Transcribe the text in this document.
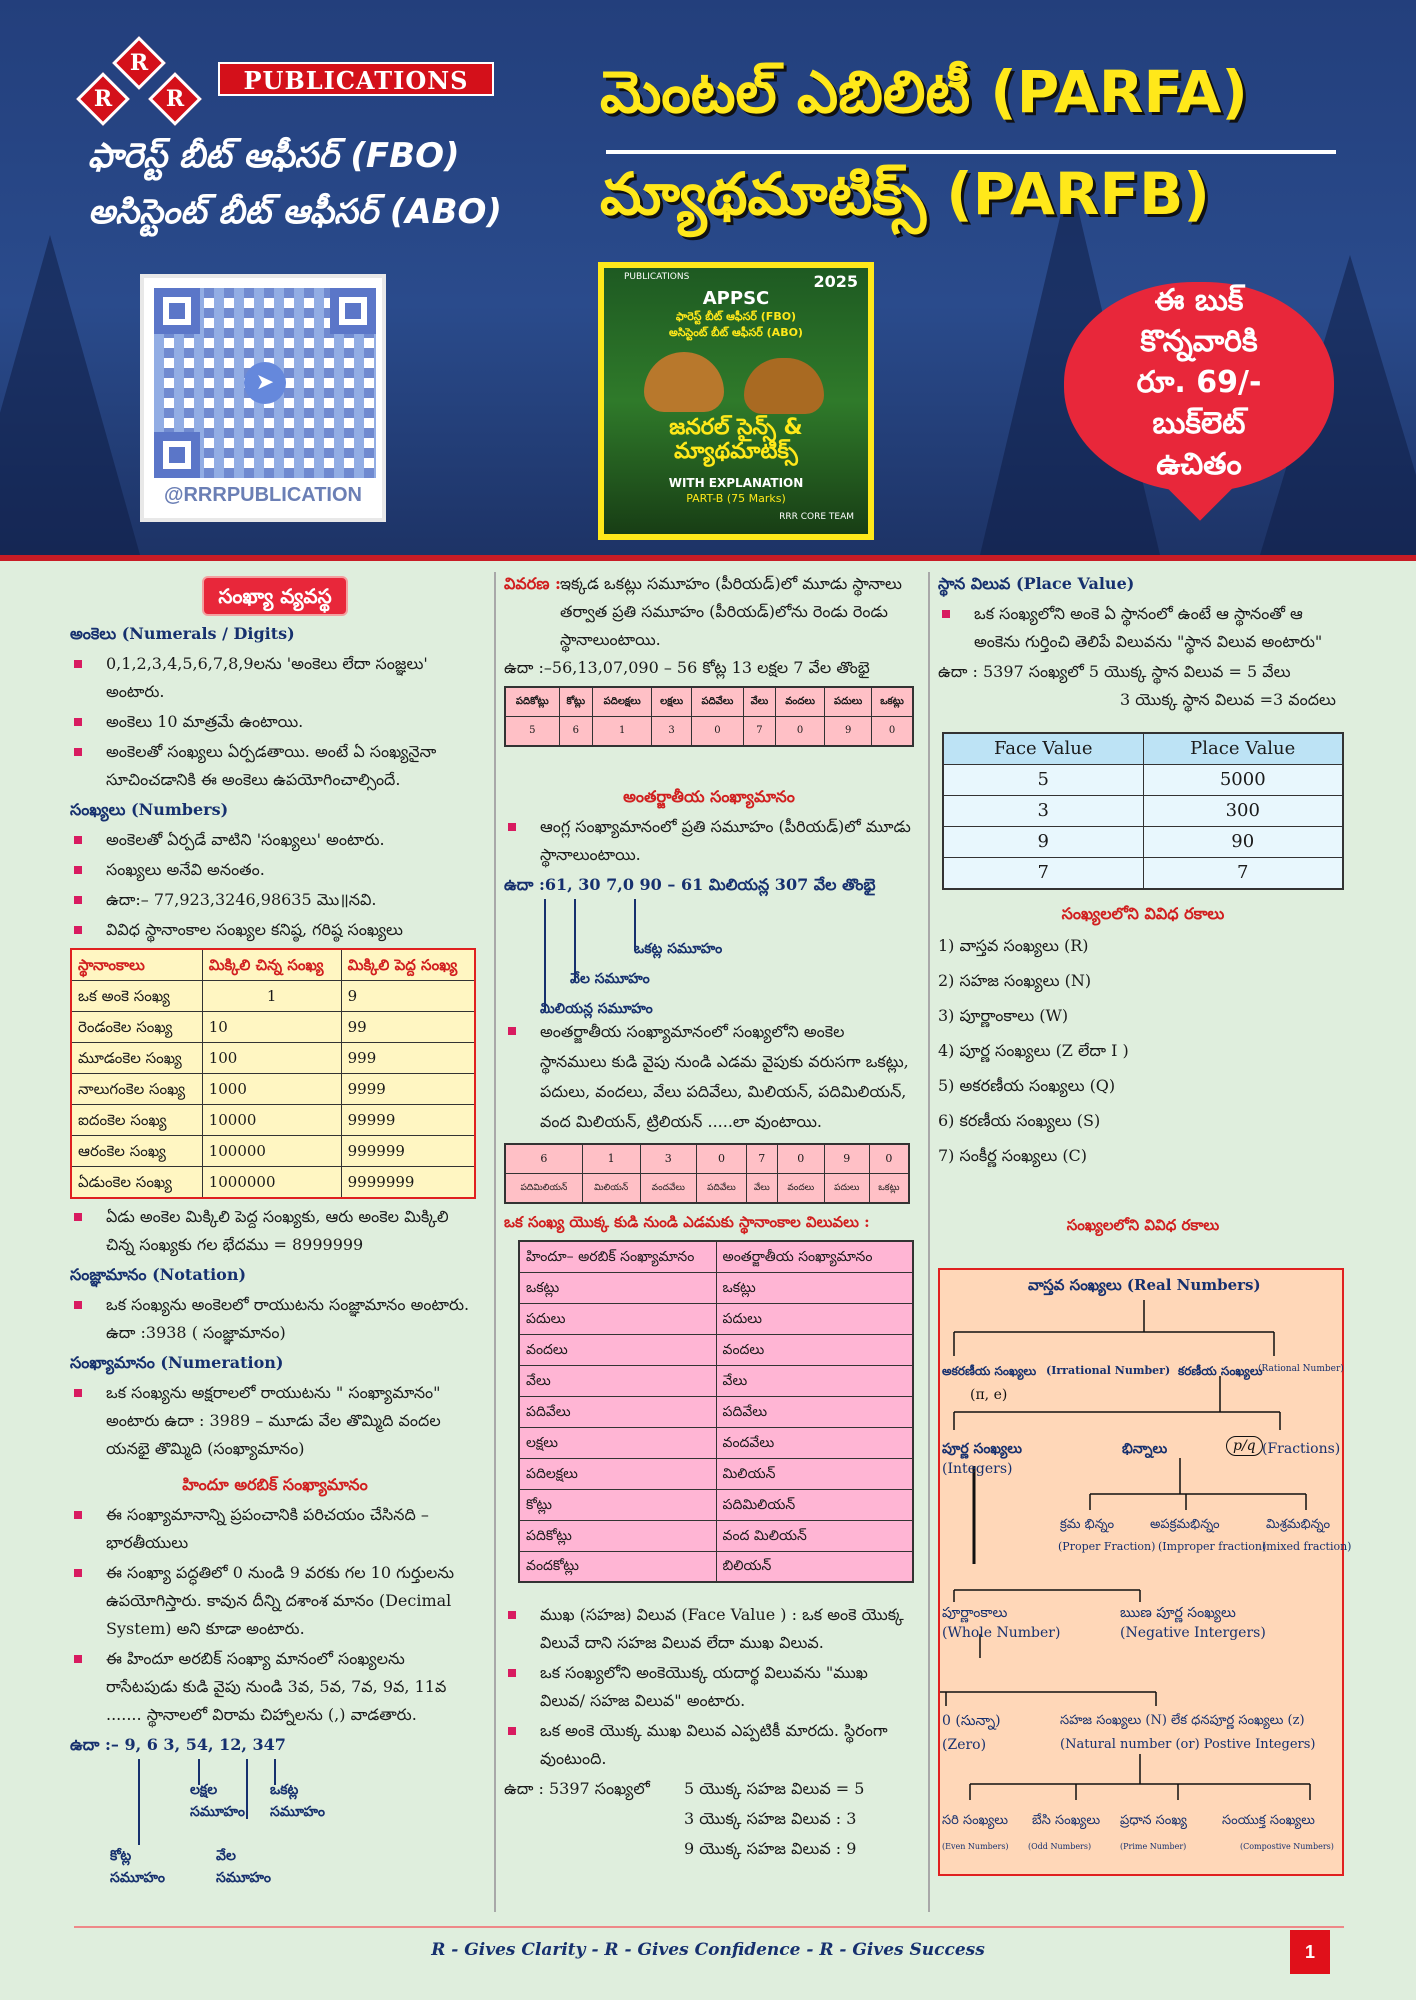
R
R	R
PUBLICATIONS
ఫారెస్ట్ బీట్ ఆఫీసర్ (FBO)
అసిస్టెంట్ బీట్ ఆఫీసర్ (ABO)
మెంటల్ ఎబిలిటీ (PARFA)
మ్యాథమాటిక్స్ (PARFB)
➤
@RRRPUBLICATION
PUBLICATIONS	2025
APPSC
ఫారెస్ట్ బీట్ ఆఫీసర్ (FBO)
అసిస్టెంట్ బీట్ ఆఫీసర్ (ABO)
జనరల్ సైన్స్ & మ్యాథమాటిక్స్
WITH EXPLANATION
PART-B (75 Marks)
RRR CORE TEAM
ఈ బుక్
కొన్నవారికి
రూ. 69/-
బుక్‌లెట్
ఉచితం
సంఖ్యా వ్యవస్థ
అంకెలు (Numerals / Digits)
0,1,2,3,4,5,6,7,8,9లను 'అంకెలు లేదా సంజ్ఞలు' అంటారు.
అంకెలు 10 మాత్రమే ఉంటాయి.
అంకెలతో సంఖ్యలు ఏర్పడతాయి. అంటే ఏ సంఖ్యనైనా సూచించడానికి ఈ అంకెలు ఉపయోగించాల్సిందే.
సంఖ్యలు (Numbers)
అంకెలతో ఏర్పడే వాటిని 'సంఖ్యలు' అంటారు.
సంఖ్యలు అనేవి అనంతం.
ఉదా:– 77,923,3246,98635 మొ॥నవి.
వివిధ స్థానాంకాల సంఖ్యల కనిష్ఠ, గరిష్ఠ సంఖ్యలు
స్థానాంకాలు	మిక్కిలి చిన్న సంఖ్య	మిక్కిలి పెద్ద సంఖ్య
ఒక అంకె సంఖ్య	1	9
రెండంకెల సంఖ్య	10	99
మూడంకెల సంఖ్య	100	999
నాలుగంకెల సంఖ్య	1000	9999
ఐదంకెల సంఖ్య	10000	99999
ఆరంకెల సంఖ్య	100000	999999
ఏడుంకెల సంఖ్య	1000000	9999999
ఏడు అంకెల మిక్కిలి పెద్ద సంఖ్యకు, ఆరు అంకెల మిక్కిలి చిన్న సంఖ్యకు గల భేదము = 8999999
సంజ్ఞామానం (Notation)
ఒక సంఖ్యను అంకెలలో రాయుటను సంజ్ఞామానం అంటారు. ఉదా :3938 ( సంజ్ఞామానం)
సంఖ్యామానం (Numeration)
ఒక సంఖ్యను అక్షరాలలో రాయుటను " సంఖ్యామానం" అంటారు ఉదా : 3989 – మూడు వేల తొమ్మిది వందల యనభై తొమ్మిది (సంఖ్యామానం)
హిందూ అరబిక్ సంఖ్యామానం
ఈ సంఖ్యామానాన్ని ప్రపంచానికి పరిచయం చేసినది – భారతీయులు
ఈ సంఖ్యా పద్ధతిలో 0 నుండి 9 వరకు గల 10 గుర్తులను ఉపయోగిస్తారు. కావున దీన్ని దశాంశ మానం (Decimal System) అని కూడా అంటారు.
ఈ హిందూ అరబిక్ సంఖ్యా మానంలో సంఖ్యలను రాసేటపుడు కుడి వైపు నుండి 3వ, 5వ, 7వ, 9వ, 11వ ....... స్థానాలలో విరామ చిహ్నాలను (,) వాడతారు.
ఉదా :– 9, 6 3, 54, 12, 347
లక్షల సమూహం
ఒకట్ల సమూహం
కోట్ల సమూహం
వేల సమూహం
వివరణ : ఇక్కడ ఒకట్లు సమూహం (పీరియడ్)లో మూడు స్థానాలు తర్వాత ప్రతి సమూహం (పీరియడ్)లోను రెండు రెండు స్థానాలుంటాయి.
ఉదా :–56,13,07,090 – 56 కోట్ల 13 లక్షల 7 వేల తొంభై
పదికోట్లు	కోట్లు	పదిలక్షలు	లక్షలు	పదివేలు	వేలు	వందలు	పదులు	ఒకట్లు
5	6	1	3	0	7	0	9	0
అంతర్జాతీయ సంఖ్యామానం
ఆంగ్ల సంఖ్యామానంలో ప్రతి సమూహం (పీరియడ్)లో మూడు స్థానాలుంటాయి.
ఉదా :61, 30 7,0 90 – 61 మిలియన్ల 307 వేల తొంభై
ఒకట్ల సమూహం
వేల సమూహం
మిలియన్ల సమూహం
అంతర్జాతీయ సంఖ్యామానంలో సంఖ్యలోని అంకెల స్థానములు కుడి వైపు నుండి ఎడమ వైపుకు వరుసగా ఒకట్లు, పదులు, వందలు, వేలు పదివేలు, మిలియన్, పదిమిలియన్, వంద మిలియన్, ట్రిలియన్ .....లా వుంటాయి.
6	1	3	0	7	0	9	0
పదిమిలియన్	మిలియన్	వందవేలు	పదివేలు	వేలు	వందలు	పదులు	ఒకట్లు
ఒక సంఖ్య యొక్క కుడి నుండి ఎడమకు స్థానాంకాల విలువలు :
హిందూ– అరబిక్ సంఖ్యామానం	అంతర్జాతీయ సంఖ్యామానం
ఒకట్లు	ఒకట్లు
పదులు	పదులు
వందలు	వందలు
వేలు	వేలు
పదివేలు	పదివేలు
లక్షలు	వందవేలు
పదిలక్షలు	మిలియన్
కోట్లు	పదిమిలియన్
పదికోట్లు	వంద మిలియన్
వందకోట్లు	బిలియన్
ముఖ (సహజ) విలువ (Face Value ) : ఒక అంకె యొక్క విలువే దాని సహజ విలువ లేదా ముఖ విలువ.
ఒక సంఖ్యలోని అంకెయొక్క యదార్థ విలువను "ముఖ విలువ/ సహజ విలువ" అంటారు.
ఒక అంకె యొక్క ముఖ విలువ ఎప్పటికీ మారదు. స్థిరంగా వుంటుంది.
ఉదా : 5397 సంఖ్యలో 5 యొక్క సహజ విలువ = 5
3 యొక్క సహజ విలువ : 3
9 యొక్క సహజ విలువ : 9
స్థాన విలువ (Place Value)
ఒక సంఖ్యలోని అంకె ఏ స్థానంలో ఉంటే ఆ స్థానంతో ఆ అంకెను గుర్తించి తెలిపే విలువను "స్థాన విలువ అంటారు"
ఉదా : 5397 సంఖ్యలో 5 యొక్క స్థాన విలువ = 5 వేలు
3 యొక్క స్థాన విలువ =3 వందలు
Face Value	Place Value
5	5000
3	300
9	90
7	7
సంఖ్యలలోని వివిధ రకాలు
1) వాస్తవ సంఖ్యలు (R)
2) సహజ సంఖ్యలు (N)
3) పూర్ణాంకాలు (W)
4) పూర్ణ సంఖ్యలు (Z లేదా I )
5) అకరణీయ సంఖ్యలు (Q)
6) కరణీయ సంఖ్యలు (S)
7) సంకీర్ణ సంఖ్యలు (C)
సంఖ్యలలోని వివిధ రకాలు
వాస్తవ సంఖ్యలు (Real Numbers)
అకరణీయ సంఖ్యలు (Irrational Number)
(π, e)
కరణీయ సంఖ్యలు
(Rational Number)
పూర్ణ సంఖ్యలు
(Integers)
భిన్నాలు	p/q (Fractions)
క్రమ భిన్నం	అపక్రమభిన్నం	మిశ్రమభిన్నం
(Proper Fraction) (Improper fraction)
(mixed fraction)
పూర్ణాంకాలు
(Whole Number)
ఋణ పూర్ణ సంఖ్యలు
(Negative Intergers)
0 (సున్నా)
(Zero)
సహజ సంఖ్యలు (N) లేక ధనపూర్ణ సంఖ్యలు (z)
(Natural number (or) Postive Integers)
సరి సంఖ్యలు బేసి సంఖ్యలు ప్రధాన సంఖ్య	సంయుక్త సంఖ్యలు
(Even Numbers) (Odd Numbers)	(Prime Number)	(Compostive Numbers)
R - Gives Clarity - R - Gives Confidence - R - Gives Success	1
